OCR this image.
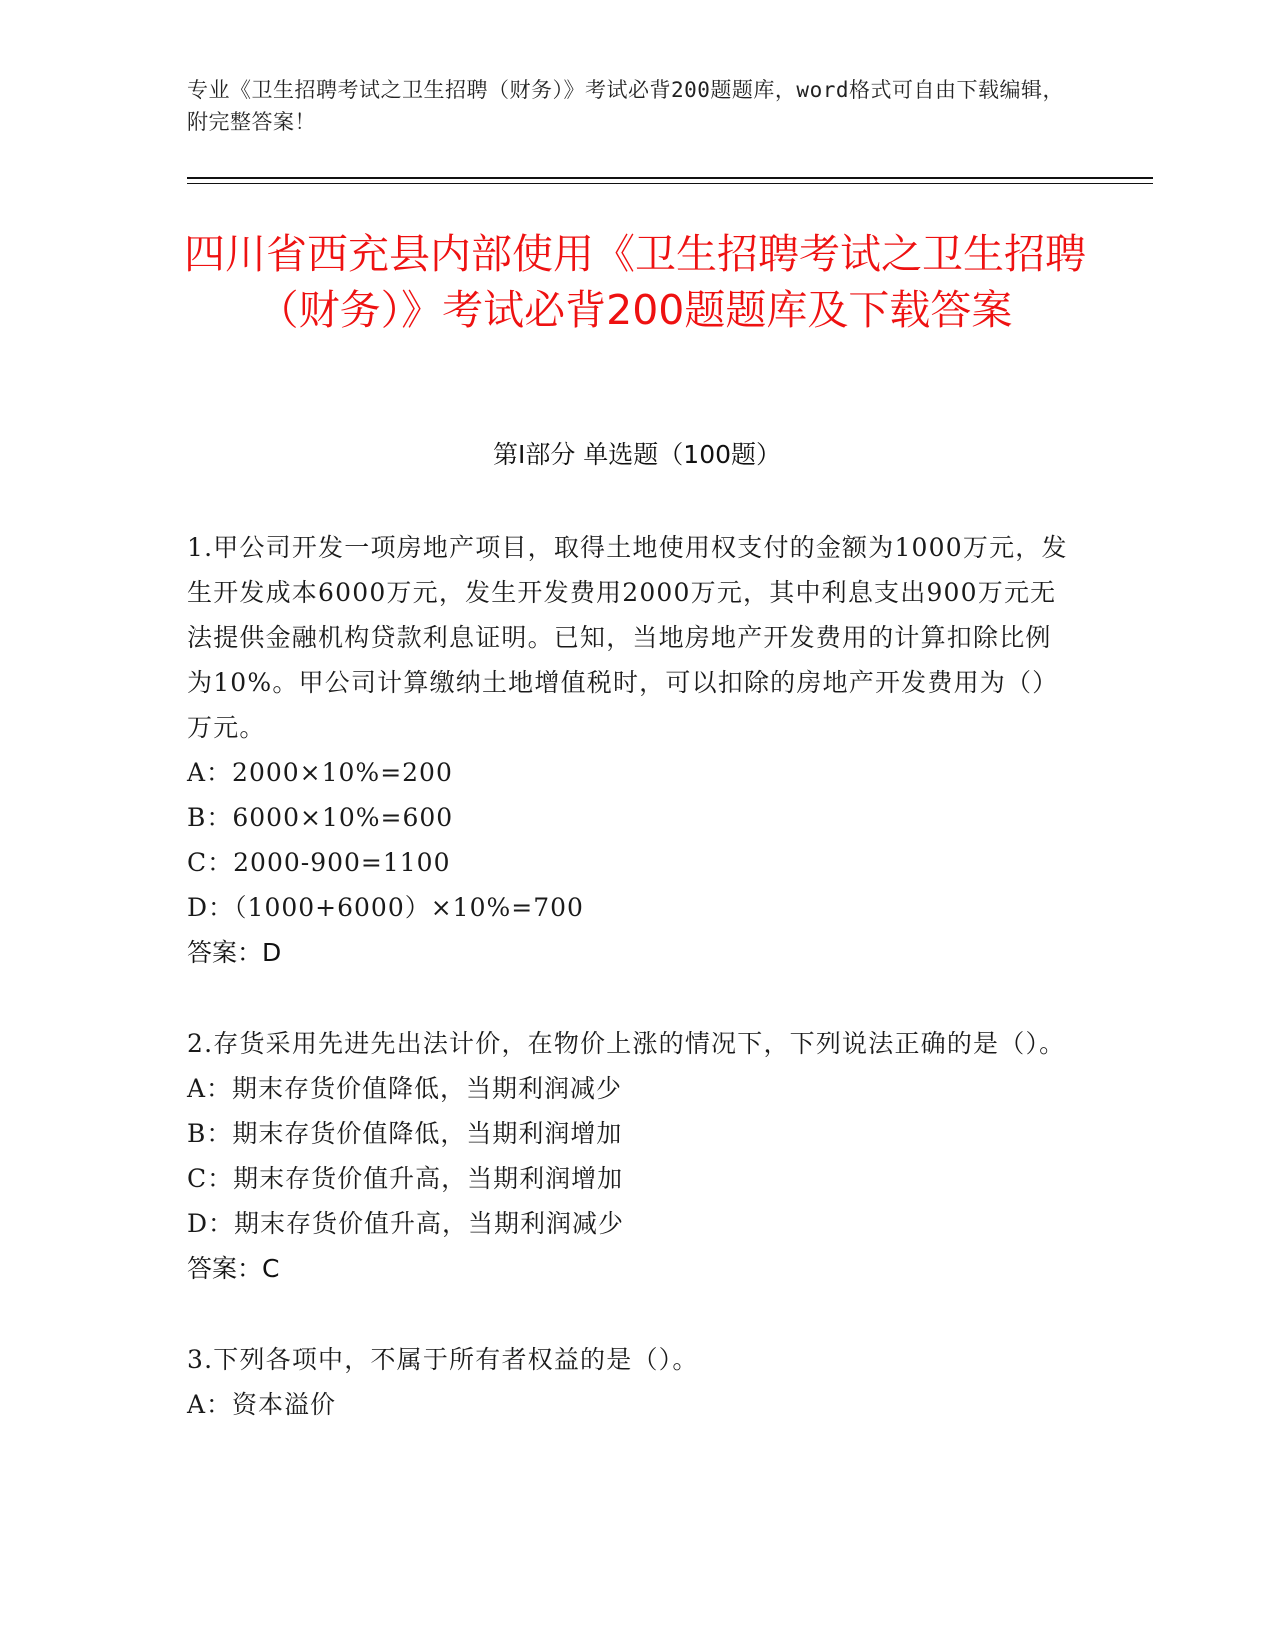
专业《卫生招聘考试之卫生招聘（财务）》考试必背200题题库，word格式可自由下载编辑，附完整答案！
四川省西充县内部使用《卫生招聘考试之卫生招聘（财务）》考试必背200题题库及下载答案
第I部分 单选题（100题）

1.甲公司开发一项房地产项目，取得土地使用权支付的金额为1000万元，发生开发成本6000万元，发生开发费用2000万元，其中利息支出900万元无法提供金融机构贷款利息证明。已知，当地房地产开发费用的计算扣除比例为10%。甲公司计算缴纳土地增值税时，可以扣除的房地产开发费用为（）万元。

A：2000×10%=200

B：6000×10%=600

C：2000-900=1100

D：（1000+6000）×10%=700

答案：D

2.存货采用先进先出法计价，在物价上涨的情况下，下列说法正确的是（）。

A：期末存货价值降低，当期利润减少

B：期末存货价值降低，当期利润增加

C：期末存货价值升高，当期利润增加

D：期末存货价值升高，当期利润减少

答案：C

3.下列各项中，不属于所有者权益的是（）。

A：资本溢价
